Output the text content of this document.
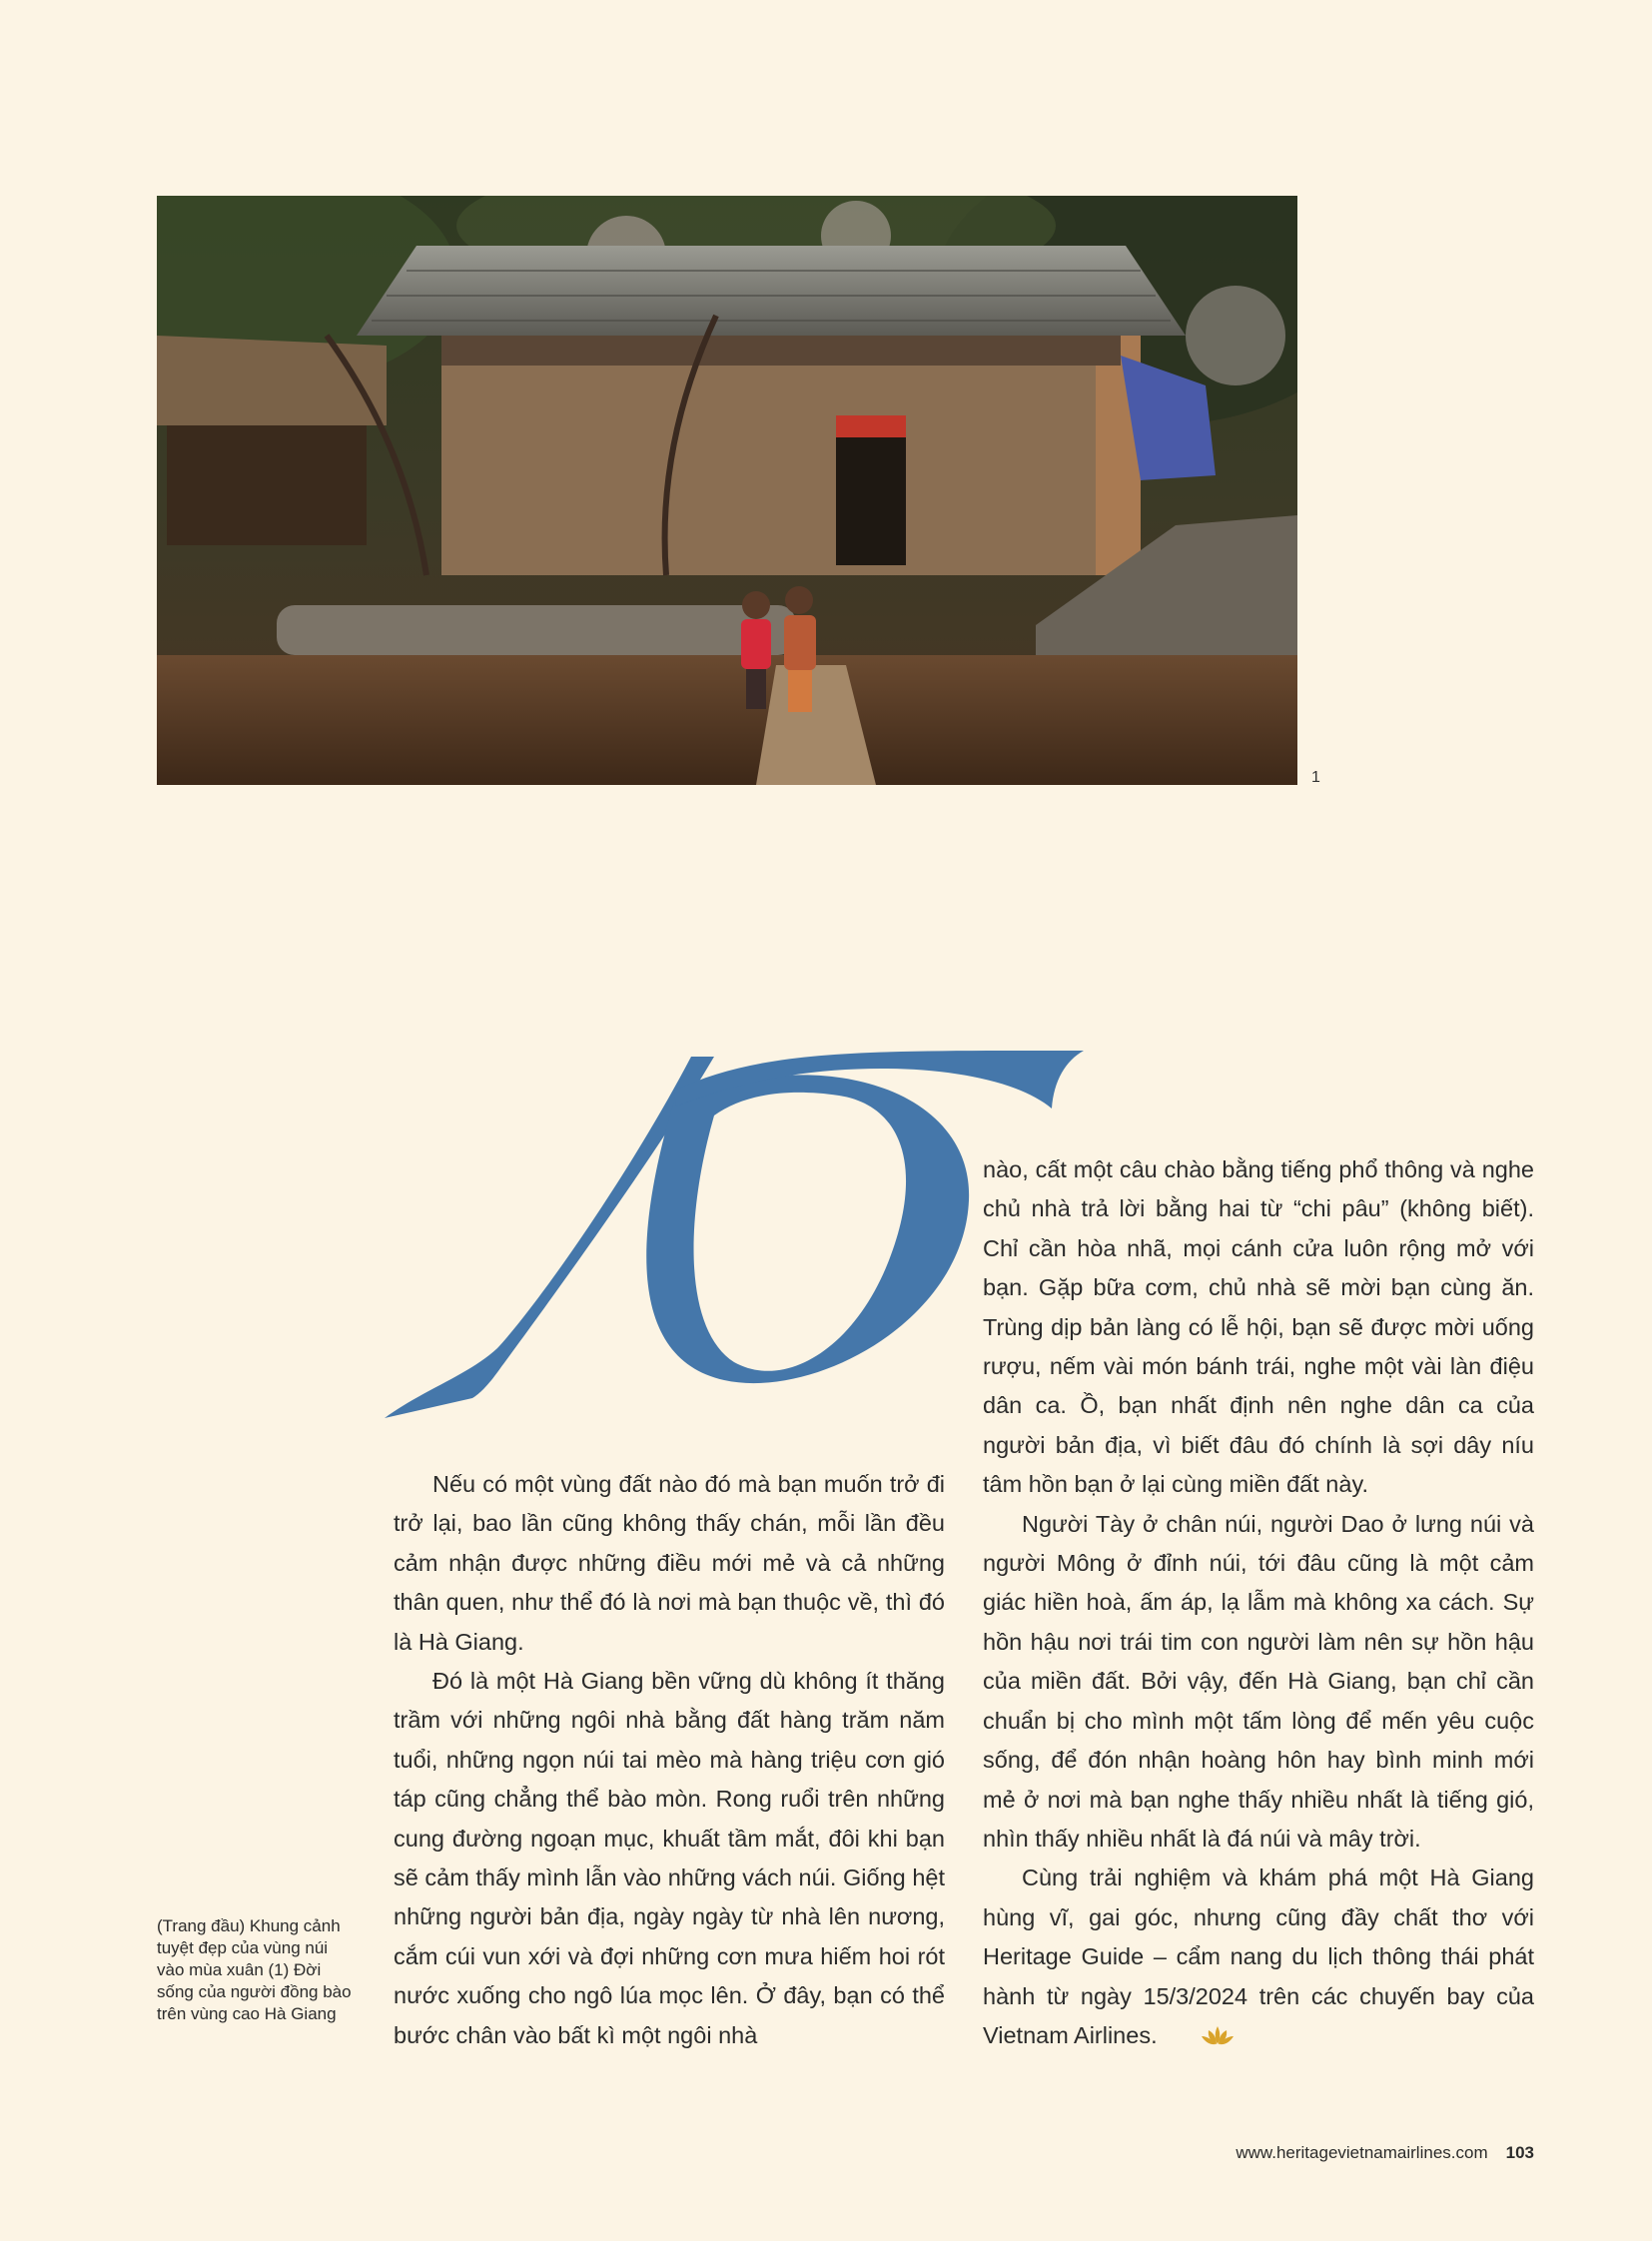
1

Nếu có một vùng đất nào đó mà bạn muốn trở đi trở lại, bao lần cũng không thấy chán, mỗi lần đều cảm nhận được những điều mới mẻ và cả những thân quen, như thể đó là nơi mà bạn thuộc về, thì đó là Hà Giang.

Đó là một Hà Giang bền vững dù không ít thăng trầm với những ngôi nhà bằng đất hàng trăm năm tuổi, những ngọn núi tai mèo mà hàng triệu cơn gió táp cũng chẳng thể bào mòn. Rong ruổi trên những cung đường ngoạn mục, khuất tầm mắt, đôi khi bạn sẽ cảm thấy mình lẫn vào những vách núi. Giống hệt những người bản địa, ngày ngày từ nhà lên nương, cắm cúi vun xới và đợi những cơn mưa hiếm hoi rót nước xuống cho ngô lúa mọc lên. Ở đây, bạn có thể bước chân vào bất kì một ngôi nhà

nào, cất một câu chào bằng tiếng phổ thông và nghe chủ nhà trả lời bằng hai từ “chi pâu” (không biết). Chỉ cần hòa nhã, mọi cánh cửa luôn rộng mở với bạn. Gặp bữa cơm, chủ nhà sẽ mời bạn cùng ăn. Trùng dịp bản làng có lễ hội, bạn sẽ được mời uống rượu, nếm vài món bánh trái, nghe một vài làn điệu dân ca. Ồ, bạn nhất định nên nghe dân ca của người bản địa, vì biết đâu đó chính là sợi dây níu tâm hồn bạn ở lại cùng miền đất này.

Người Tày ở chân núi, người Dao ở lưng núi và người Mông ở đỉnh núi, tới đâu cũng là một cảm giác hiền hoà, ấm áp, lạ lẫm mà không xa cách. Sự hồn hậu nơi trái tim con người làm nên sự hồn hậu của miền đất. Bởi vậy, đến Hà Giang, bạn chỉ cần chuẩn bị cho mình một tấm lòng để mến yêu cuộc sống, để đón nhận hoàng hôn hay bình minh mới mẻ ở nơi mà bạn nghe thấy nhiều nhất là tiếng gió, nhìn thấy nhiều nhất là đá núi và mây trời.

Cùng trải nghiệm và khám phá một Hà Giang hùng vĩ, gai góc, nhưng cũng đầy chất thơ với Heritage Guide – cẩm nang du lịch thông thái phát hành từ ngày 15/3/2024 trên các chuyến bay của Vietnam Airlines.

(Trang đầu) Khung cảnh tuyệt đẹp của vùng núi vào mùa xuân (1) Đời sống của người đồng bào trên vùng cao Hà Giang
www.heritagevietnamairlines.com 103
